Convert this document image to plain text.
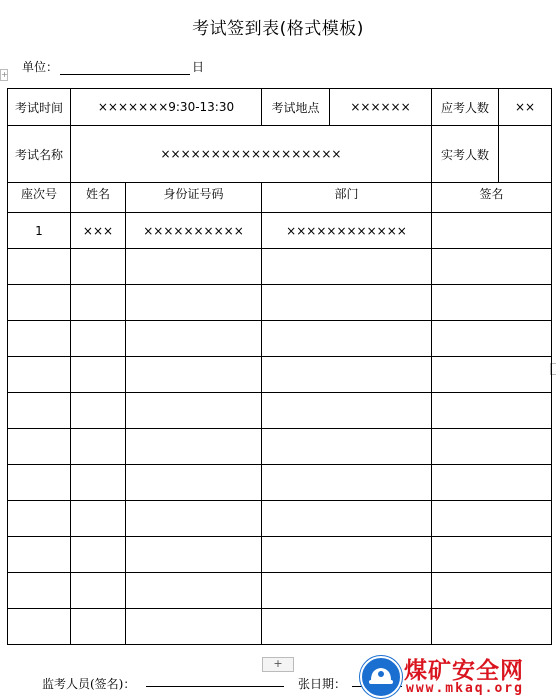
考试签到表(格式模板)
单位：	日
+
考试时间	×××××××9:30-13:30		考试地点	××××××	应考人数	××
考试名称	××××××××××××××××××				实考人数	
座次号	姓名	身份证号码	部门		签名	
1	×××	××××××××××	××××××××××××			

+
监考人员(签名)：	张日期：	煤矿安全网
www.mkaq.org
